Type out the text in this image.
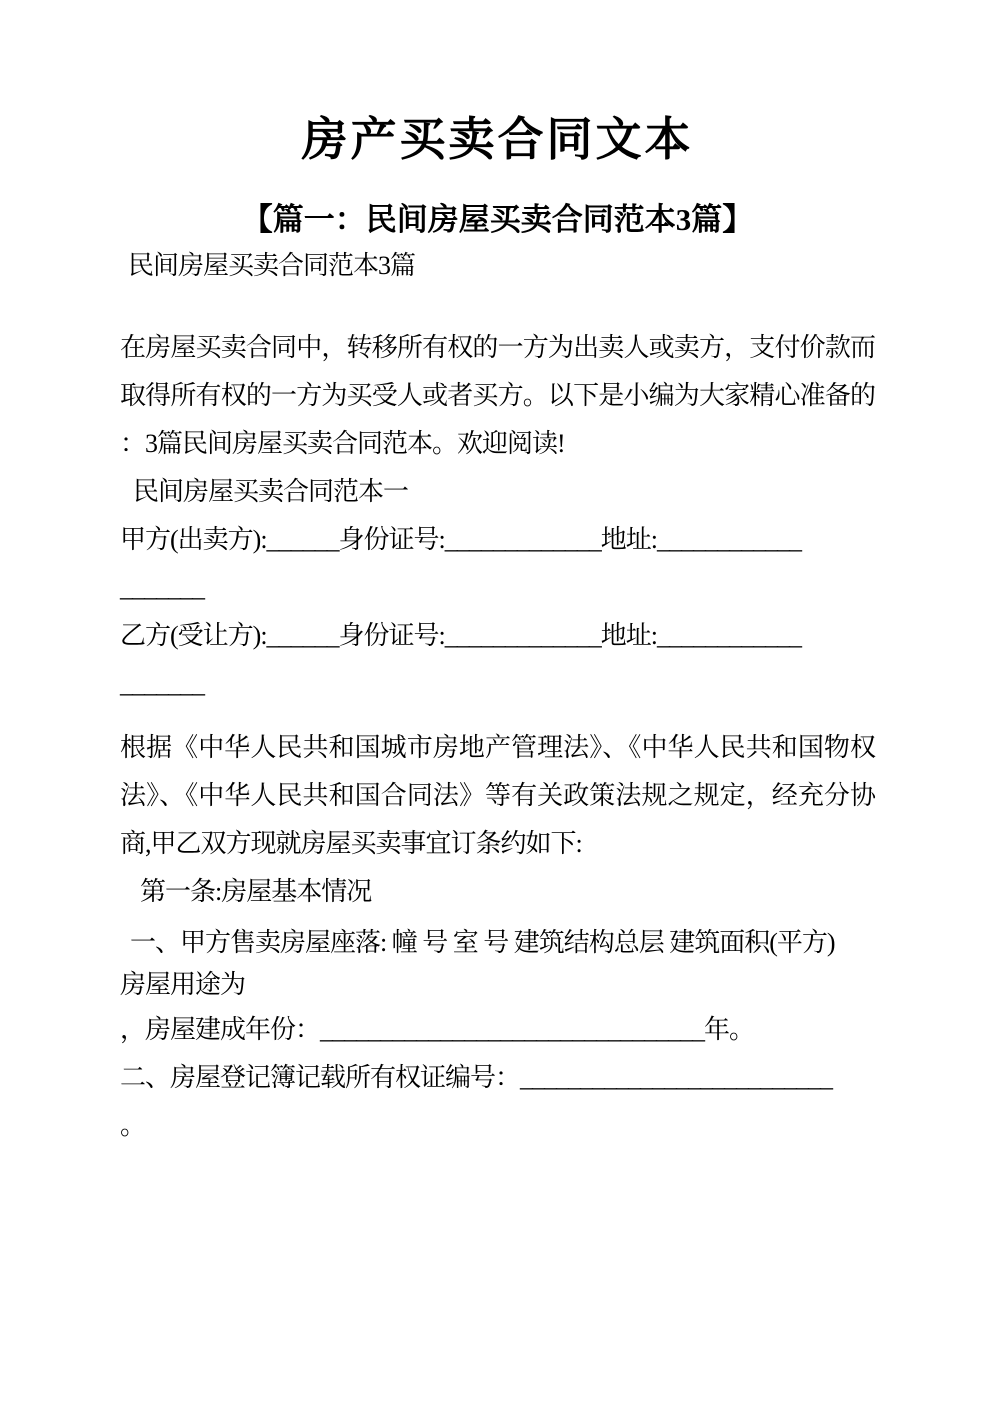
房产买卖合同文本
【篇一：民间房屋买卖合同范本3篇】

民间房屋买卖合同范本3篇

在房屋买卖合同中，转移所有权的一方为出卖人或卖方，支付价款而

取得所有权的一方为买受人或者买方。以下是小编为大家精心准备的

：3篇民间房屋买卖合同范本。欢迎阅读!

民间房屋买卖合同范本一

甲方(出卖方):______身份证号:_____________地址:____________

_______

乙方(受让方):______身份证号:_____________地址:____________

_______

根据《中华人民共和国城市房地产管理法》、《中华人民共和国物权

法》、《中华人民共和国合同法》等有关政策法规之规定，经充分协

商,甲乙双方现就房屋买卖事宜订条约如下:

第一条:房屋基本情况

一、甲方售卖房屋座落: 幢 号 室 号 建筑结构总层 建筑面积(平方)

房屋用途为

，房屋建成年份：________________________________年。

二、房屋登记簿记载所有权证编号：__________________________

。
